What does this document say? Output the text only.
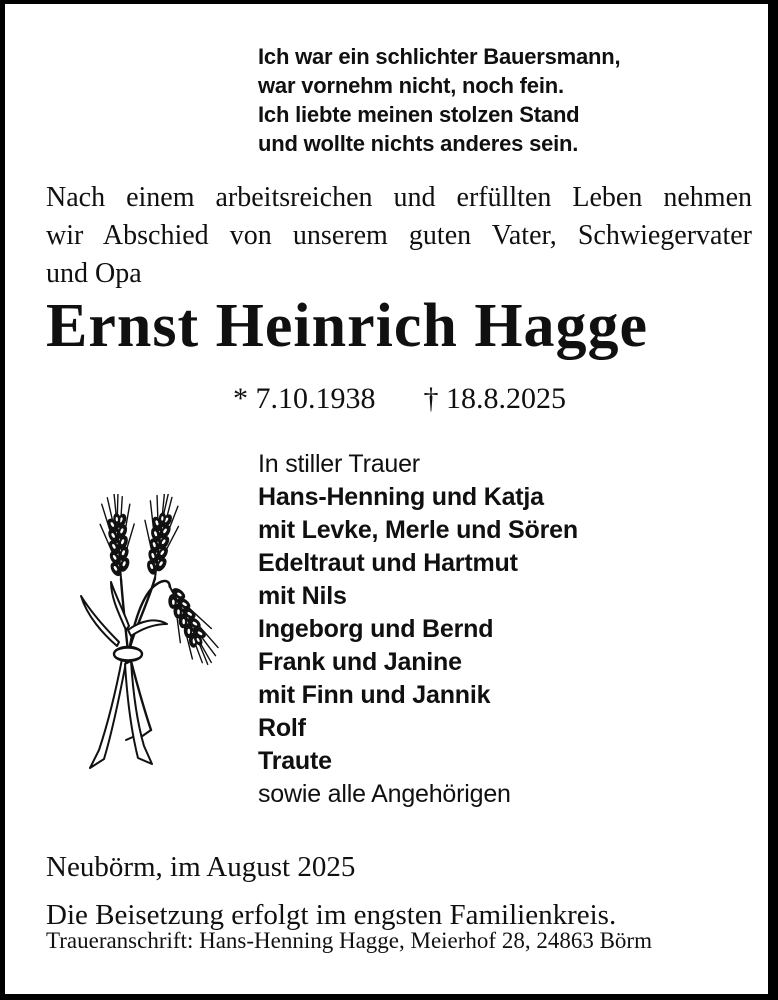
Ich war ein schlichter Bauersmann,
war vornehm nicht, noch fein.
Ich liebte meinen stolzen Stand
und wollte nichts anderes sein.
Nach einem arbeitsreichen und erfüllten Leben nehmen
wir Abschied von unserem guten Vater, Schwiegervater
und Opa
Ernst Heinrich Hagge
* 7.10.1938 † 18.8.2025
In stiller Trauer
Hans-Henning und Katja
mit Levke, Merle und Sören
Edeltraut und Hartmut
mit Nils
Ingeborg und Bernd
Frank und Janine
mit Finn und Jannik
Rolf
Traute
sowie alle Angehörigen
Neubörm, im August 2025
Die Beisetzung erfolgt im engsten Familienkreis.
Traueranschrift: Hans-Henning Hagge, Meierhof 28, 24863 Börm
